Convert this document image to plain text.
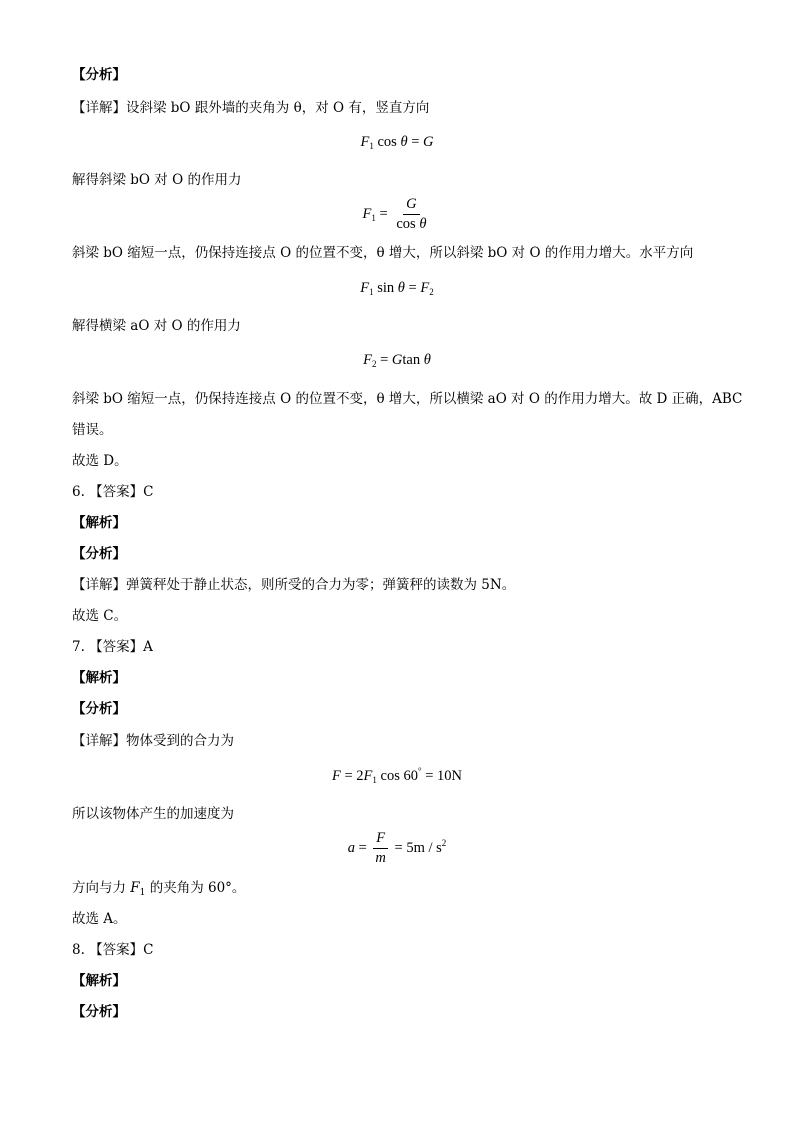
【分析】
【详解】设斜梁 bO 跟外墙的夹角为 θ，对 O 有，竖直方向
$F_1$ cos θ = G
解得斜梁 bO 对 O 的作用力
$F_1 = \frac{G}{\text{cos θ}}$
斜梁 bO 缩短一点，仍保持连接点 O 的位置不变，θ 增大，所以斜梁 bO 对 O 的作用力增大。水平方向
$F_1$ $\sin \theta = F_2$
解得横梁 aO 对 O 的作用力
$F_2 = Gtan$ θ
斜梁 bO 缩短一点，仍保持连接点 O 的位置不变，θ 增大，所以横梁 aO 对 O 的作用力增大。故 D 正确，ABC
错误。
故选 D。
6. 【答案】C
【解析】
【分析】
【详解】弹簧秤处于静止状态，则所受的合力为零；弹簧秤的读数为 5N。
故选 C。
7. 【答案】A
【解析】
【分析】
【详解】物体受到的合力为
$F = 2F_1$ cos 60° = 10N
所以该物体产生的加速度为
$a = \frac{F}{m} = 5m / s^2$
方向与力 $F_1$ 的夹角为 60°。
故选 A。
8. 【答案】C
【解析】
【分析】
